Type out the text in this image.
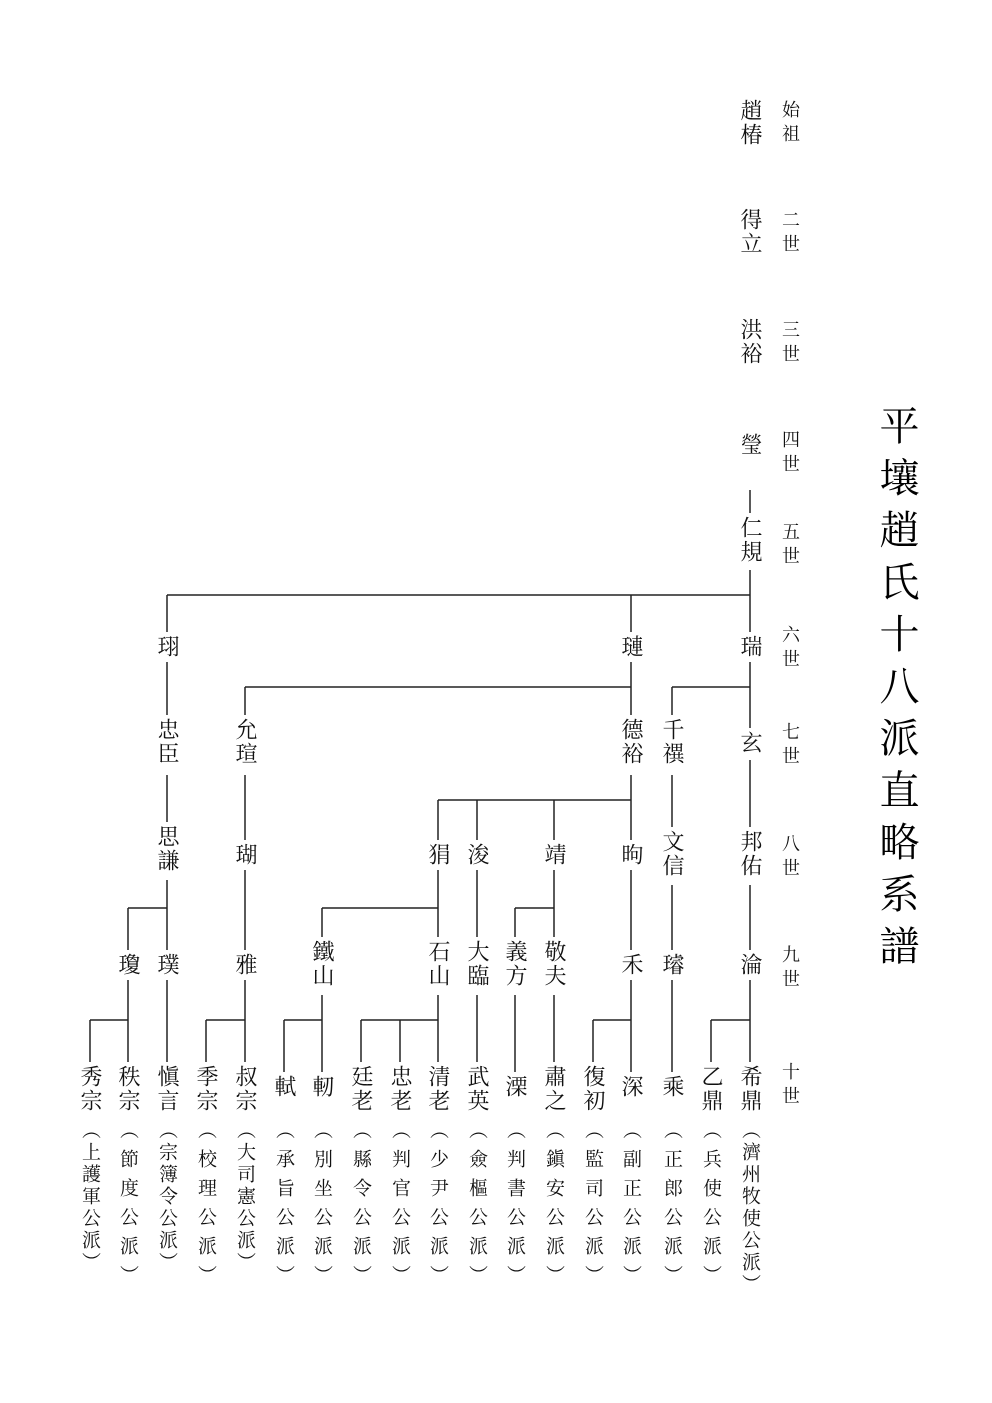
平壤趙氏十八派直略系譜
始祖
二世
三世
四世
五世
六世
七世
八世
九世
十世
趙椿
得立
洪裕
瑩
仁規
瑞
璉
珝
玄
千禩
德裕
允瑄
忠臣
邦佑
文信
昫
靖
浚
狷
瑚
思謙
淪
璿
禾
敬夫
義方
大臨
石山
鐵山
雅
璞
瓊
希鼎
乙鼎
乘
深
復初
肅之
溧
武英
清老
忠老
廷老
軔
軾
叔宗
季宗
愼言
秩宗
秀宗
（濟州牧使公派）
（兵使公派）
（正郎公派）
（副正公派）
（監司公派）
（鎭安公派）
（判書公派）
（僉樞公派）
（少尹公派）
（判官公派）
（縣令公派）
（別坐公派）
（承旨公派）
（大司憲公派）
（校理公派）
（宗簿令公派）
（節度公派）
（上護軍公派）
